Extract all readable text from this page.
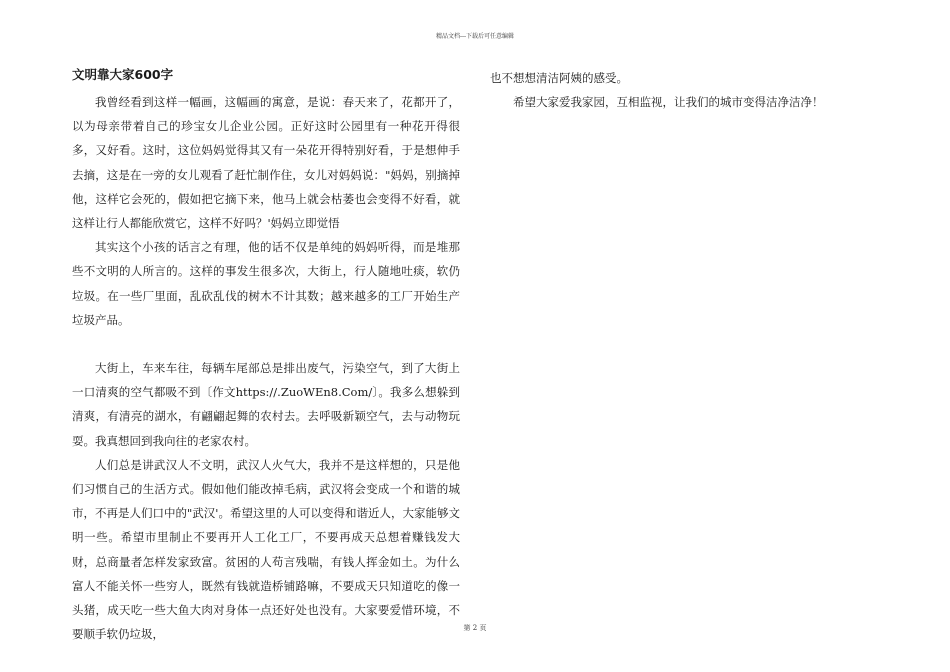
精品文档---下载后可任意编辑
文明靠大家600字

我曾经看到这样一幅画，这幅画的寓意，是说：春天来了，花都开了，以为母亲带着自己的珍宝女儿企业公园。正好这时公园里有一种花开得很多，又好看。这时，这位妈妈觉得其又有一朵花开得特别好看，于是想伸手去摘，这是在一旁的女儿观看了赶忙制作住，女儿对妈妈说："妈妈，别摘掉他，这样它会死的，假如把它摘下来，他马上就会枯萎也会变得不好看，就这样让行人都能欣赏它，这样不好吗？'妈妈立即觉悟

其实这个小孩的话言之有理，他的话不仅是单纯的妈妈听得，而是堆那些不文明的人所言的。这样的事发生很多次，大街上，行人随地吐痰，软仍垃圾。在一些厂里面，乱砍乱伐的树木不计其数；越来越多的工厂开始生产垃圾产品。

大街上，车来车往，每辆车尾部总是排出废气，污染空气，到了大街上一口清爽的空气都吸不到〔作文https://.ZuoWEn8.Com/〕。我多么想躲到清爽，有清亮的湖水，有翩翩起舞的农村去。去呼吸新颖空气，去与动物玩耍。我真想回到我向往的老家农村。

人们总是讲武汉人不文明，武汉人火气大，我并不是这样想的，只是他们习惯自己的生活方式。假如他们能改掉毛病，武汉将会变成一个和谐的城市，不再是人们口中的"武汉'。希望这里的人可以变得和谐近人，大家能够文明一些。希望市里制止不要再开人工化工厂，不要再成天总想着赚钱发大财，总商量者怎样发家致富。贫困的人苟言残喘，有钱人挥金如土。为什么富人不能关怀一些穷人，既然有钱就造桥铺路嘛，不要成天只知道吃的像一头猪，成天吃一些大鱼大肉对身体一点还好处也没有。大家要爱惜环境，不要顺手软仍垃圾，

也不想想清洁阿姨的感受。

希望大家爱我家园，互相监视，让我们的城市变得洁净洁净！

第 2 页
